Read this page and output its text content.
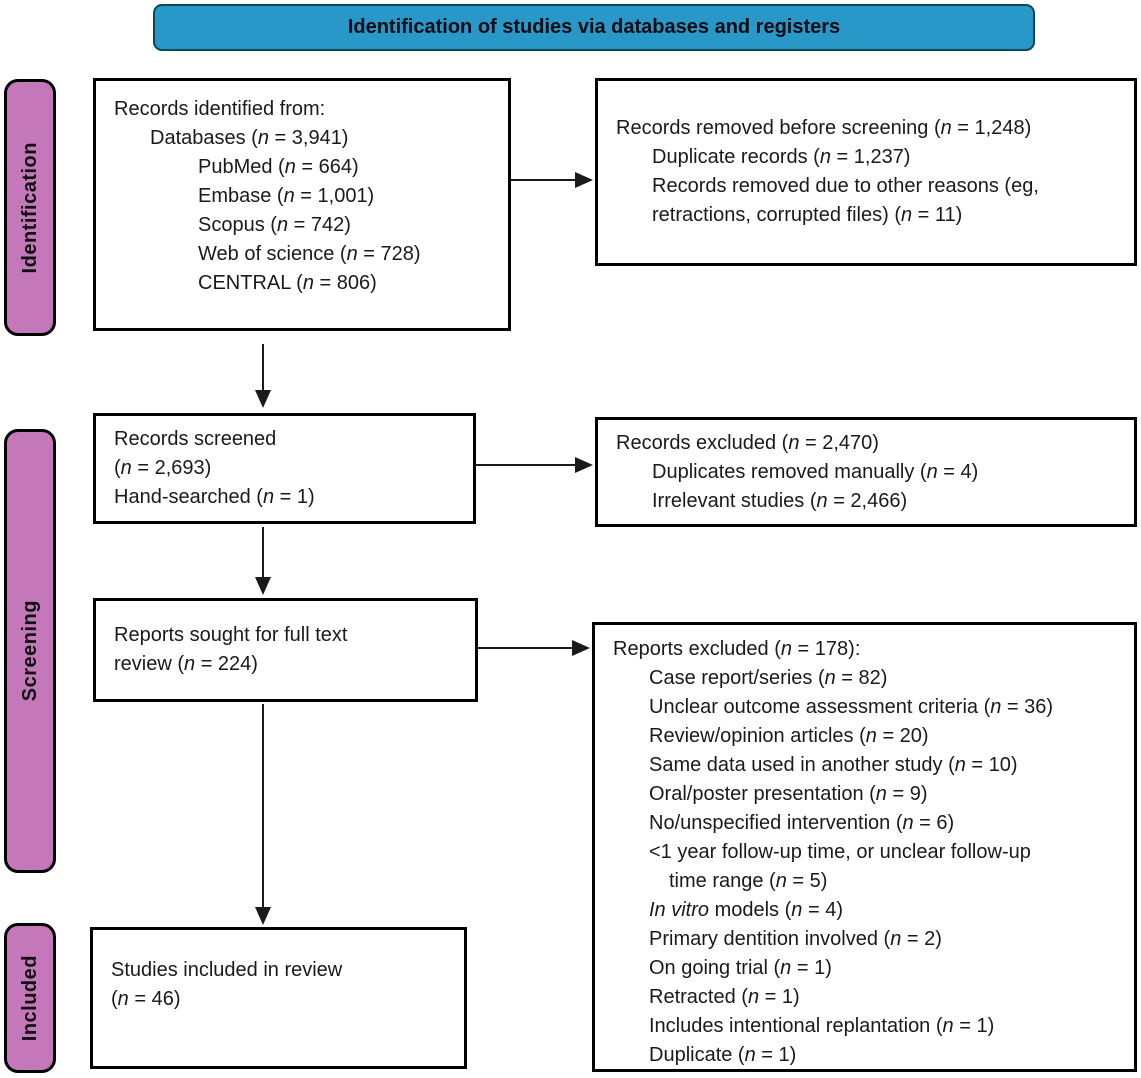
Identification of studies via databases and registers
Identification
Screening
Included
Records identified from:
Databases (n = 3,941)
PubMed (n = 664)
Embase (n = 1,001)
Scopus (n = 742)
Web of science (n = 728)
CENTRAL (n = 806)
Records removed before screening (n = 1,248)
Duplicate records (n = 1,237)
Records removed due to other reasons (eg,
retractions, corrupted files) (n = 11)
Records screened
(n = 2,693)
Hand-searched (n = 1)
Records excluded (n = 2,470)
Duplicates removed manually (n = 4)
Irrelevant studies (n = 2,466)
Reports sought for full text
review (n = 224)
Reports excluded (n = 178):
Case report/series (n = 82)
Unclear outcome assessment criteria (n = 36)
Review/opinion articles (n = 20)
Same data used in another study (n = 10)
Oral/poster presentation (n = 9)
No/unspecified intervention (n = 6)
<1 year follow-up time, or unclear follow-up
time range (n = 5)
In vitro models (n = 4)
Primary dentition involved (n = 2)
On going trial (n = 1)
Retracted (n = 1)
Includes intentional replantation (n = 1)
Duplicate (n = 1)
Studies included in review
(n = 46)
